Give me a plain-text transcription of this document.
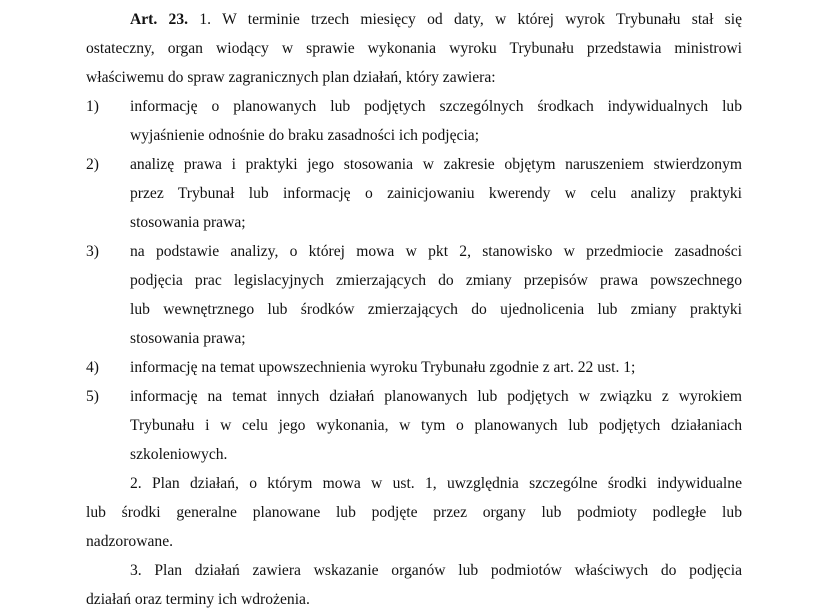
Art. 23. 1. W terminie trzech miesięcy od daty, w której wyrok Trybunału stał się
ostateczny, organ wiodący w sprawie wykonania wyroku Trybunału przedstawia ministrowi
właściwemu do spraw zagranicznych plan działań, który zawiera:
1)	informację o planowanych lub podjętych szczególnych środkach indywidualnych lub
wyjaśnienie odnośnie do braku zasadności ich podjęcia;
2)	analizę prawa i praktyki jego stosowania w zakresie objętym naruszeniem stwierdzonym
przez Trybunał lub informację o zainicjowaniu kwerendy w celu analizy praktyki
stosowania prawa;
3)	na podstawie analizy, o której mowa w pkt 2, stanowisko w przedmiocie zasadności
podjęcia prac legislacyjnych zmierzających do zmiany przepisów prawa powszechnego
lub wewnętrznego lub środków zmierzających do ujednolicenia lub zmiany praktyki
stosowania prawa;
4)	informację na temat upowszechnienia wyroku Trybunału zgodnie z art. 22 ust. 1;
5)	informację na temat innych działań planowanych lub podjętych w związku z wyrokiem
Trybunału i w celu jego wykonania, w tym o planowanych lub podjętych działaniach
szkoleniowych.
2. Plan działań, o którym mowa w ust. 1, uwzględnia szczególne środki indywidualne
lub środki generalne planowane lub podjęte przez organy lub podmioty podległe lub
nadzorowane.
3. Plan działań zawiera wskazanie organów lub podmiotów właściwych do podjęcia
działań oraz terminy ich wdrożenia.
